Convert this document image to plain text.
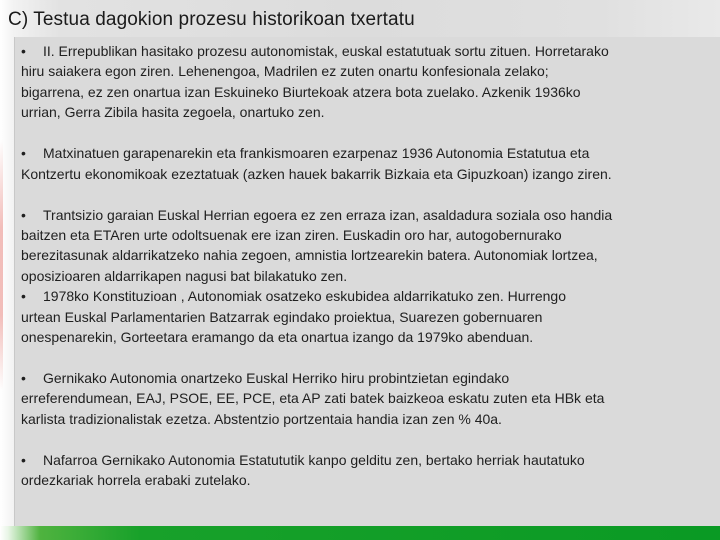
C) Testua dagokion prozesu historikoan txertatu

• II. Errepublikan hasitako prozesu autonomistak, euskal estatutuak sortu zituen. Horretarako
hiru saiakera egon ziren. Lehenengoa, Madrilen ez zuten onartu konfesionala zelako;
bigarrena, ez zen onartua izan Eskuineko Biurtekoak atzera bota zuelako. Azkenik 1936ko
urrian, Gerra Zibila hasita zegoela, onartuko zen.

• Matxinatuen garapenarekin eta frankismoaren ezarpenaz 1936 Autonomia Estatutua eta
Kontzertu ekonomikoak ezeztatuak (azken hauek bakarrik Bizkaia eta Gipuzkoan) izango ziren.

• Trantsizio garaian Euskal Herrian egoera ez zen erraza izan, asaldadura soziala oso handia
baitzen eta ETAren urte odoltsuenak ere izan ziren. Euskadin oro har, autogobernurako
berezitasunak aldarrikatzeko nahia zegoen, amnistia lortzearekin batera. Autonomiak lortzea,
oposizioaren aldarrikapen nagusi bat bilakatuko zen.

• 1978ko Konstituzioan , Autonomiak osatzeko eskubidea aldarrikatuko zen. Hurrengo
urtean Euskal Parlamentarien Batzarrak egindako proiektua, Suarezen gobernuaren
onespenarekin, Gorteetara eramango da eta onartua izango da 1979ko abenduan.

• Gernikako Autonomia onartzeko Euskal Herriko hiru probintzietan egindako
erreferendumean, EAJ, PSOE, EE, PCE, eta AP zati batek baizkeoa eskatu zuten eta HBk eta
karlista tradizionalistak ezetza. Abstentzio portzentaia handia izan zen % 40a.

• Nafarroa Gernikako Autonomia Estatututik kanpo gelditu zen, bertako herriak hautatuko
ordezkariak horrela erabaki zutelako.
